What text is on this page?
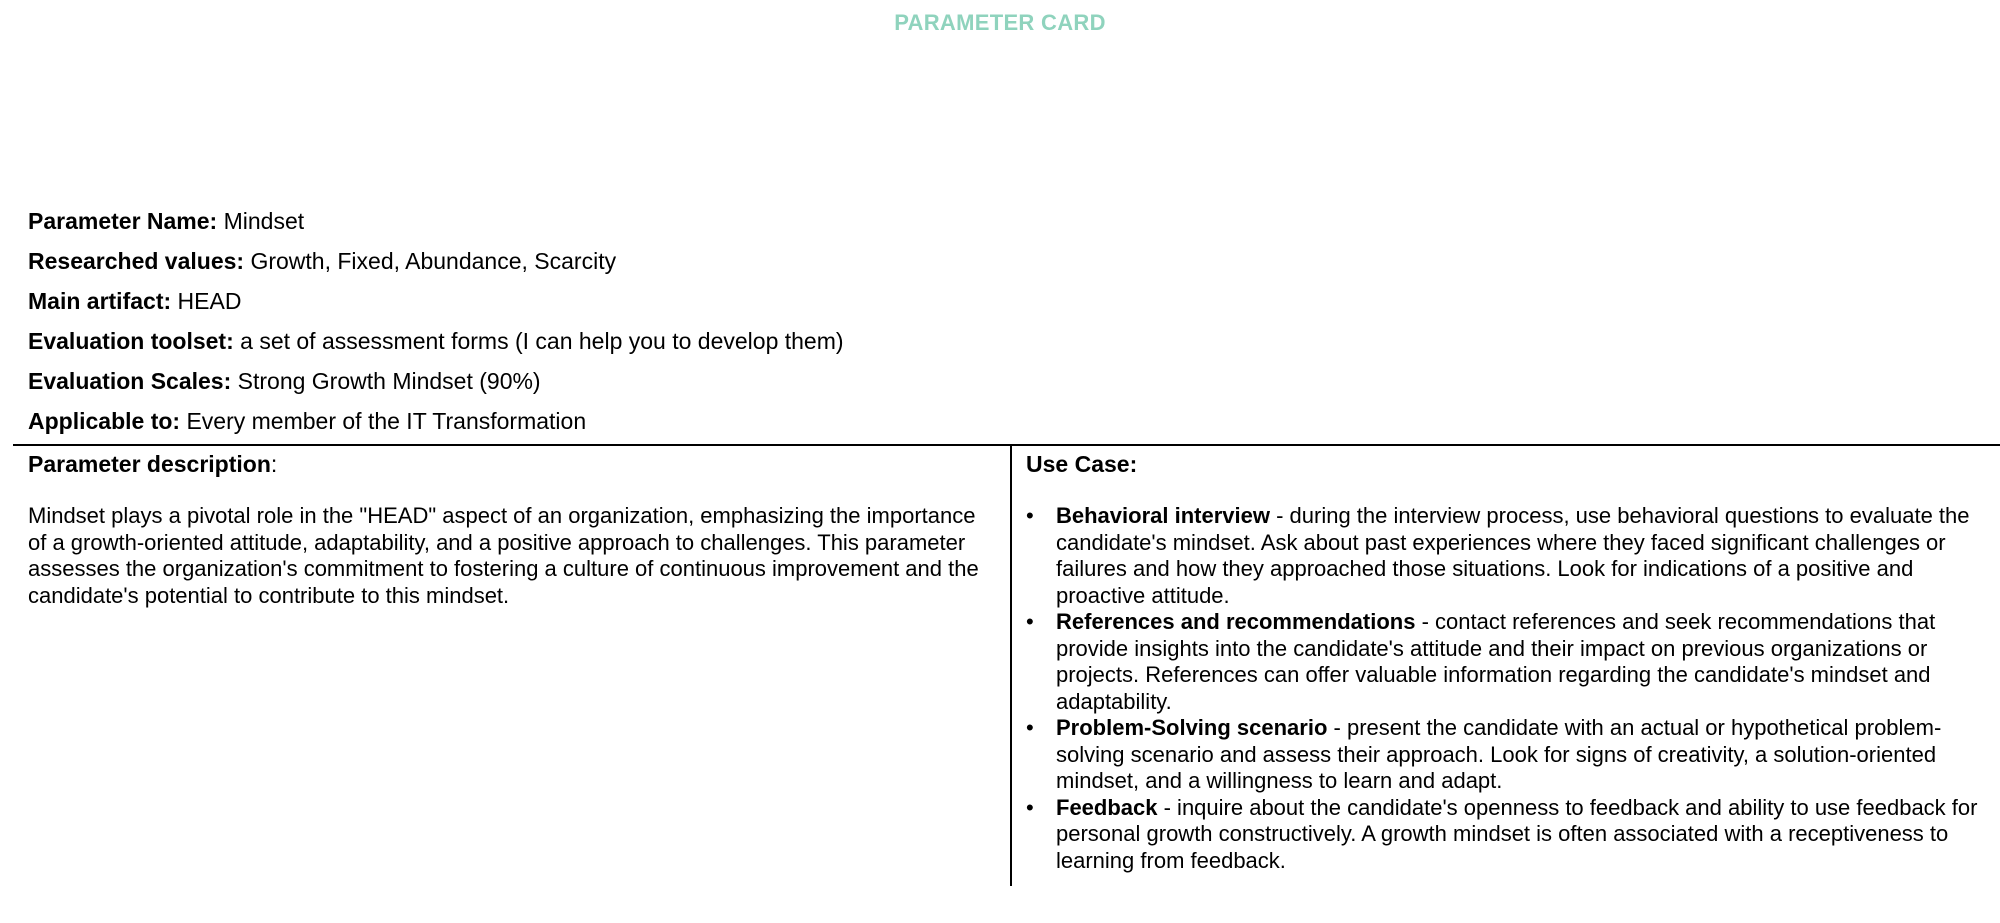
PARAMETER CARD
Parameter Name: Mindset
Researched values: Growth, Fixed, Abundance, Scarcity
Main artifact: HEAD
Evaluation toolset: a set of assessment forms (I can help you to develop them)
Evaluation Scales: Strong Growth Mindset (90%)
Applicable to: Every member of the IT Transformation
Parameter description:
Mindset plays a pivotal role in the "HEAD" aspect of an organization, emphasizing the importance of a growth-oriented attitude, adaptability, and a positive approach to challenges. This parameter assesses the organization's commitment to fostering a culture of continuous improvement and the candidate's potential to contribute to this mindset.
Use Case:
• Behavioral interview - during the interview process, use behavioral questions to evaluate the candidate's mindset. Ask about past experiences where they faced significant challenges or failures and how they approached those situations. Look for indications of a positive and proactive attitude.
• References and recommendations - contact references and seek recommendations that provide insights into the candidate's attitude and their impact on previous organizations or projects. References can offer valuable information regarding the candidate's mindset and adaptability.
• Problem-Solving scenario - present the candidate with an actual or hypothetical problem-solving scenario and assess their approach. Look for signs of creativity, a solution-oriented mindset, and a willingness to learn and adapt.
• Feedback - inquire about the candidate's openness to feedback and ability to use feedback for personal growth constructively. A growth mindset is often associated with a receptiveness to learning from feedback.
